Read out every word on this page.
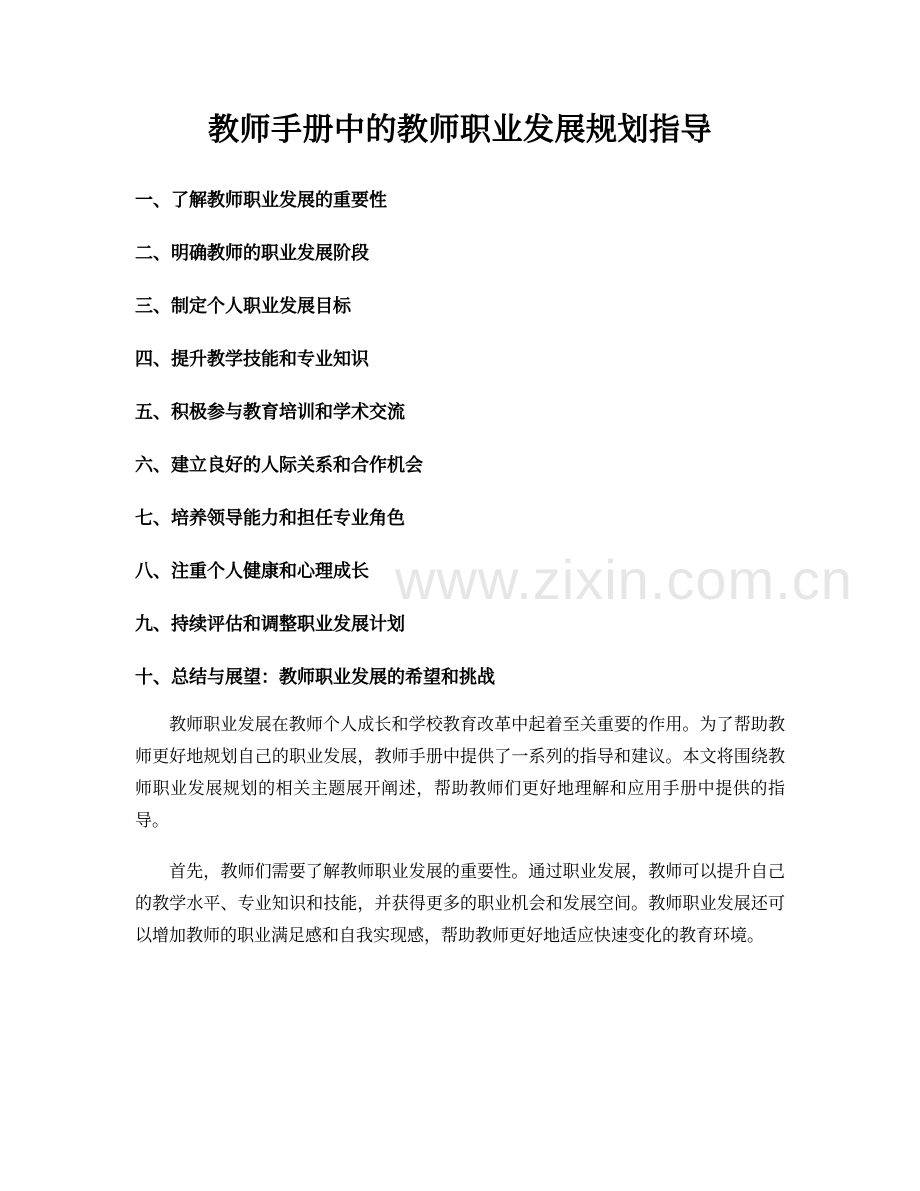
教师手册中的教师职业发展规划指导
一、了解教师职业发展的重要性
二、明确教师的职业发展阶段
三、制定个人职业发展目标
四、提升教学技能和专业知识
五、积极参与教育培训和学术交流
六、建立良好的人际关系和合作机会
七、培养领导能力和担任专业角色
八、注重个人健康和心理成长
九、持续评估和调整职业发展计划
十、总结与展望：教师职业发展的希望和挑战

教师职业发展在教师个人成长和学校教育改革中起着至关重要的作用。为了帮助教师更好地规划自己的职业发展，教师手册中提供了一系列的指导和建议。本文将围绕教师职业发展规划的相关主题展开阐述，帮助教师们更好地理解和应用手册中提供的指导。

首先，教师们需要了解教师职业发展的重要性。通过职业发展，教师可以提升自己的教学水平、专业知识和技能，并获得更多的职业机会和发展空间。教师职业发展还可以增加教师的职业满足感和自我实现感，帮助教师更好地适应快速变化的教育环境。

www.zixin.com.cn
